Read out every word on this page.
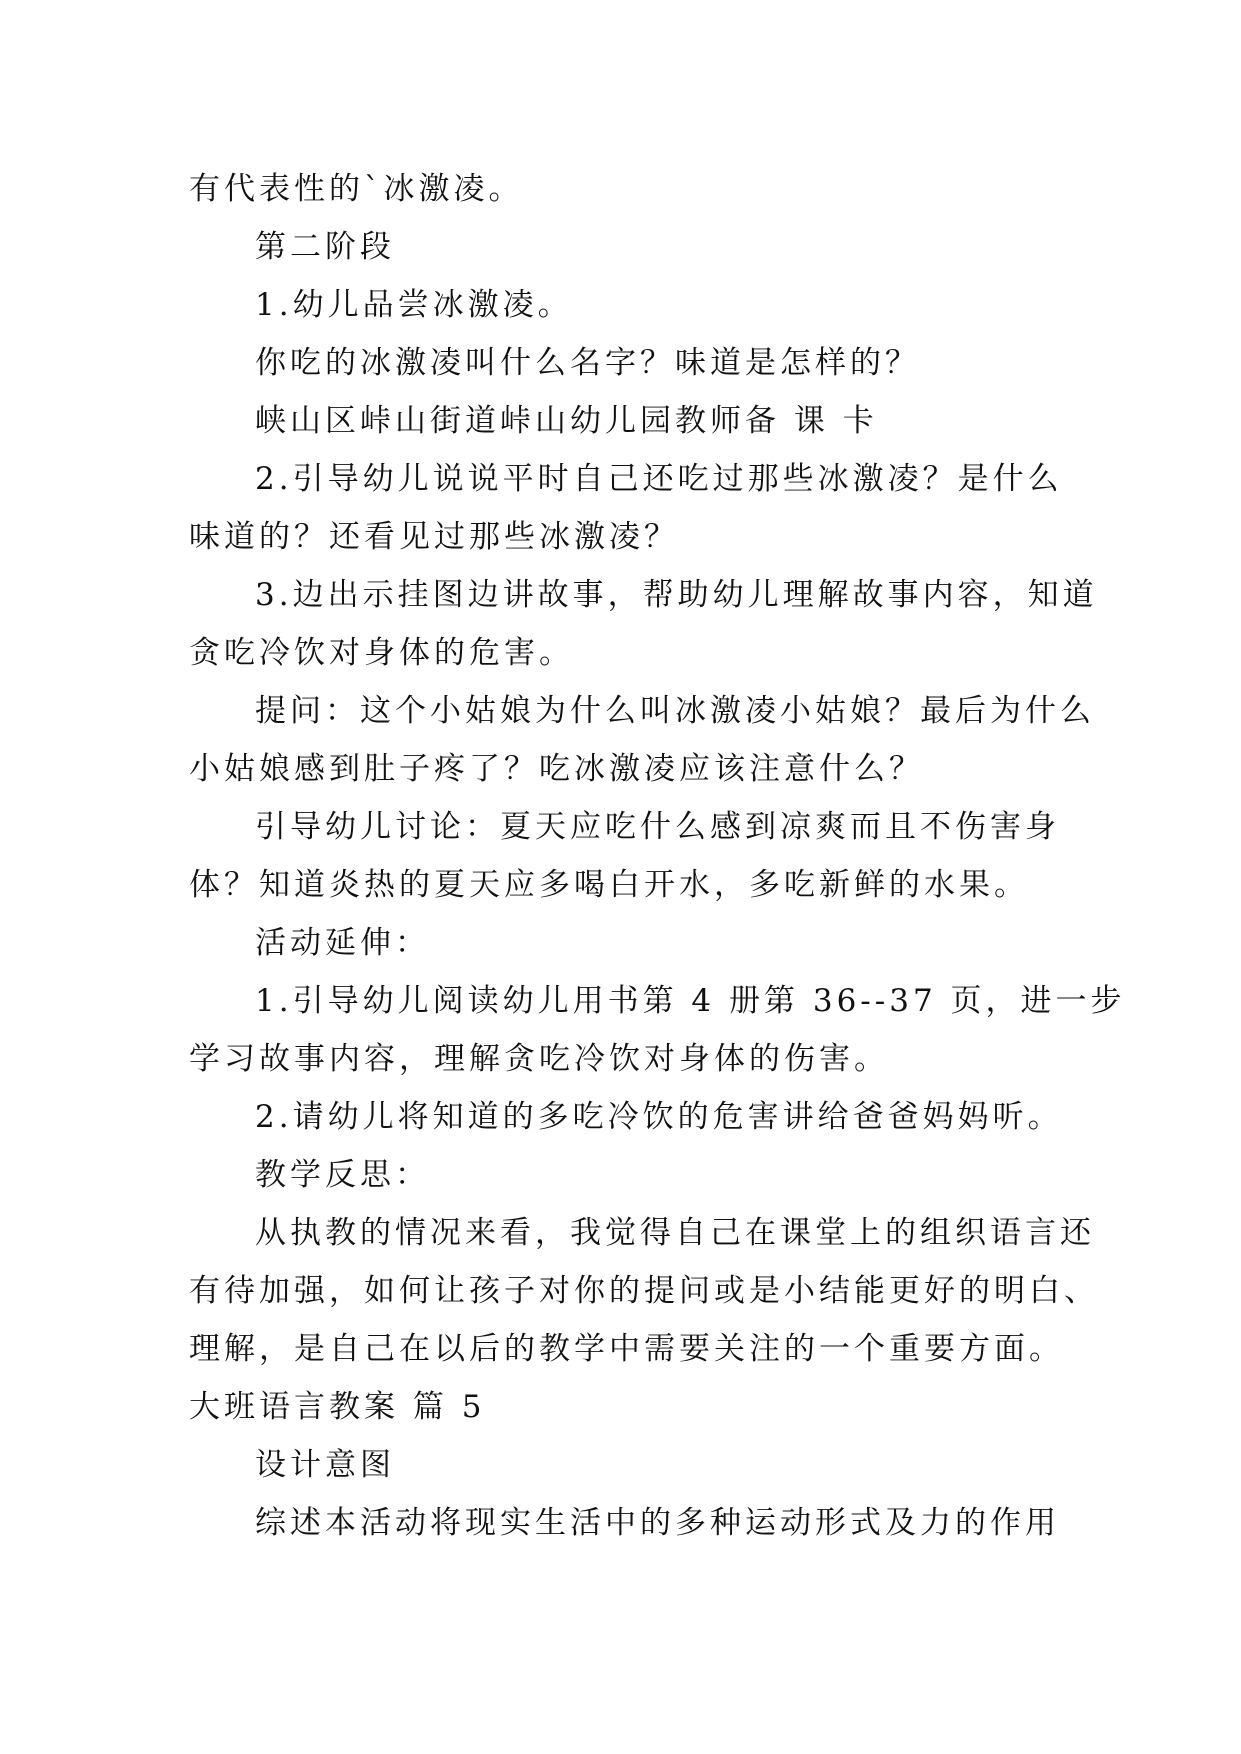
有代表性的`冰激凌。
第二阶段
1.幼儿品尝冰激凌。
你吃的冰激凌叫什么名字？味道是怎样的？
峡山区峠山街道峠山幼儿园教师备 课 卡
2.引导幼儿说说平时自己还吃过那些冰激凌？是什么
味道的？还看见过那些冰激凌？
3.边出示挂图边讲故事，帮助幼儿理解故事内容，知道
贪吃冷饮对身体的危害。
提问：这个小姑娘为什么叫冰激凌小姑娘？最后为什么
小姑娘感到肚子疼了？吃冰激凌应该注意什么？
引导幼儿讨论：夏天应吃什么感到凉爽而且不伤害身
体？知道炎热的夏天应多喝白开水，多吃新鲜的水果。
活动延伸：
1.引导幼儿阅读幼儿用书第 4 册第 36--37 页，进一步
学习故事内容，理解贪吃冷饮对身体的伤害。
2.请幼儿将知道的多吃冷饮的危害讲给爸爸妈妈听。
教学反思：
从执教的情况来看，我觉得自己在课堂上的组织语言还
有待加强，如何让孩子对你的提问或是小结能更好的明白、
理解，是自己在以后的教学中需要关注的一个重要方面。
大班语言教案 篇 5
设计意图
综述本活动将现实生活中的多种运动形式及力的作用
